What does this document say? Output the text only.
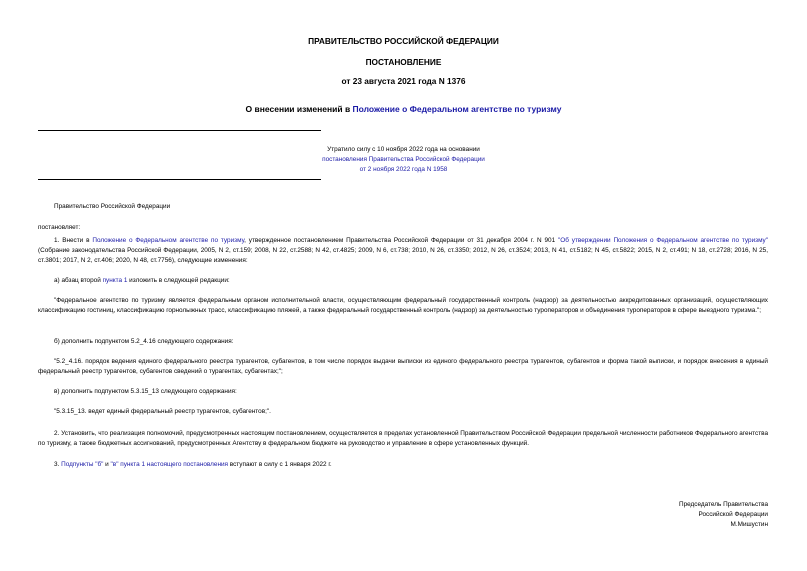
ПРАВИТЕЛЬСТВО РОССИЙСКОЙ ФЕДЕРАЦИИ
ПОСТАНОВЛЕНИЕ
от 23 августа 2021 года N 1376
О внесении изменений в Положение о Федеральном агентстве по туризму
Утратило силу с 10 ноября 2022 года на основании
постановления Правительства Российской Федерации
от 2 ноября 2022 года N 1958
Правительство Российской Федерации
постановляет:
1. Внести в Положение о Федеральном агентстве по туризму, утвержденное постановлением Правительства Российской Федерации от 31 декабря 2004 г. N 901 "Об утверждении Положения о Федеральном агентстве по туризму" (Собрание законодательства Российской Федерации, 2005, N 2, ст.159; 2008, N 22, ст.2588; N 42, ст.4825; 2009, N 6, ст.738; 2010, N 26, ст.3350; 2012, N 26, ст.3524; 2013, N 41, ст.5182; N 45, ст.5822; 2015, N 2, ст.491; N 18, ст.2728; 2016, N 25, ст.3801; 2017, N 2, ст.406; 2020, N 48, ст.7756), следующие изменения:
а) абзац второй пункта 1 изложить в следующей редакции:
"Федеральное агентство по туризму является федеральным органом исполнительной власти, осуществляющим федеральный государственный контроль (надзор) за деятельностью аккредитованных организаций, осуществляющих классификацию гостиниц, классификацию горнолыжных трасс, классификацию пляжей, а также федеральный государственный контроль (надзор) за деятельностью туроператоров и объединения туроператоров в сфере выездного туризма.";
б) дополнить подпунктом 5.2_4.16 следующего содержания:
"5.2_4.16. порядок ведения единого федерального реестра турагентов, субагентов, в том числе порядок выдачи выписки из единого федерального реестра турагентов, субагентов и форма такой выписки, и порядок внесения в единый федеральный реестр турагентов, субагентов сведений о турагентах, субагентах;";
в) дополнить подпунктом 5.3.15_13 следующего содержания:
"5.3.15_13. ведет единый федеральный реестр турагентов, субагентов;".
2. Установить, что реализация полномочий, предусмотренных настоящим постановлением, осуществляется в пределах установленной Правительством Российской Федерации предельной численности работников Федерального агентства по туризму, а также бюджетных ассигнований, предусмотренных Агентству в федеральном бюджете на руководство и управление в сфере установленных функций.
3. Подпункты "б" и "в" пункта 1 настоящего постановления вступают в силу с 1 января 2022 г.
Председатель Правительства
Российской Федерации
М.Мишустин
